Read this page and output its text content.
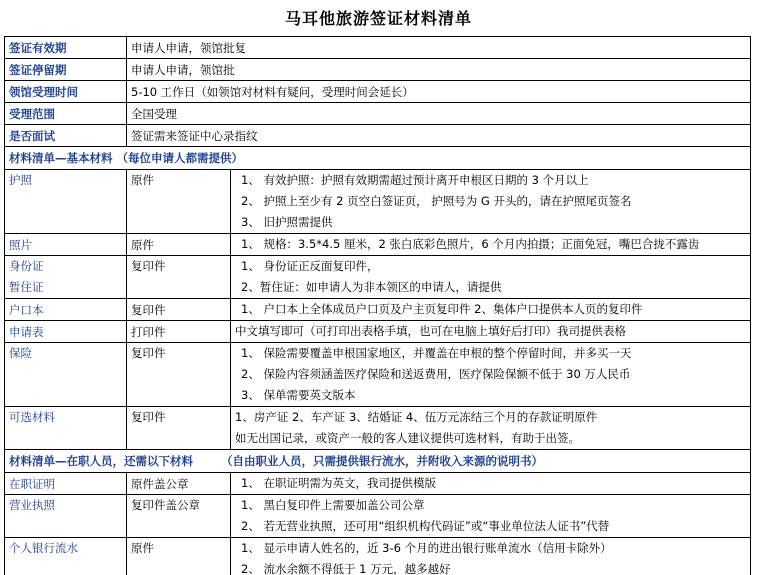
马耳他旅游签证材料清单
签证有效期	申请人申请，领馆批复	
签证停留期	申请人申请，领馆批	
领馆受理时间	5-10 工作日（如领馆对材料有疑问，受理时间会延长）	
受理范围	全国受理	
是否面试	签证需来签证中心录指纹	
材料清单—基本材料 （每位申请人都需提供）		
护照	原件	1、 有效护照：护照有效期需超过预计离开申根区日期的 3 个月以上
2、 护照上至少有 2 页空白签证页， 护照号为 G 开头的，请在护照尾页签名
3、 旧护照需提供

照片	原件	1、 规格：3.5*4.5 厘米，2 张白底彩色照片，6 个月内拍摄；正面免冠，嘴巴合拢不露齿

身份证
暂住证	复印件	1、 身份证正反面复印件，
2、暂住证：如申请人为非本领区的申请人，请提供

户口本	复印件	1、 户口本上全体成员户口页及户主页复印件 2、集体户口提供本人页的复印件

申请表	打印件	中文填写即可（可打印出表格手填，也可在电脑上填好后打印）我司提供表格

保险	复印件	1、 保险需要覆盖申根国家地区，并覆盖在申根的整个停留时间，并多买一天
2、 保险内容须涵盖医疗保险和送返费用，医疗保险保额不低于 30 万人民币
3、 保单需要英文版本

可选材料	复印件	1、房产证 2、车产证 3、结婚证 4、伍万元冻结三个月的存款证明原件
如无出国记录，或资产一般的客人建议提供可选材料，有助于出签。

材料清单—在职人员，还需以下材料 （自由职业人员，只需提供银行流水，并附收入来源的说明书）		
在职证明	原件盖公章	1、 在职证明需为英文，我司提供模版

营业执照	复印件盖公章	1、 黑白复印件上需要加盖公司公章
2、 若无营业执照，还可用“组织机构代码证”或“事业单位法人证书”代替

个人银行流水	原件	1、 显示申请人姓名的，近 3-6 个月的进出银行账单流水（信用卡除外）
2、 流水余额不得低于 1 万元，越多越好
